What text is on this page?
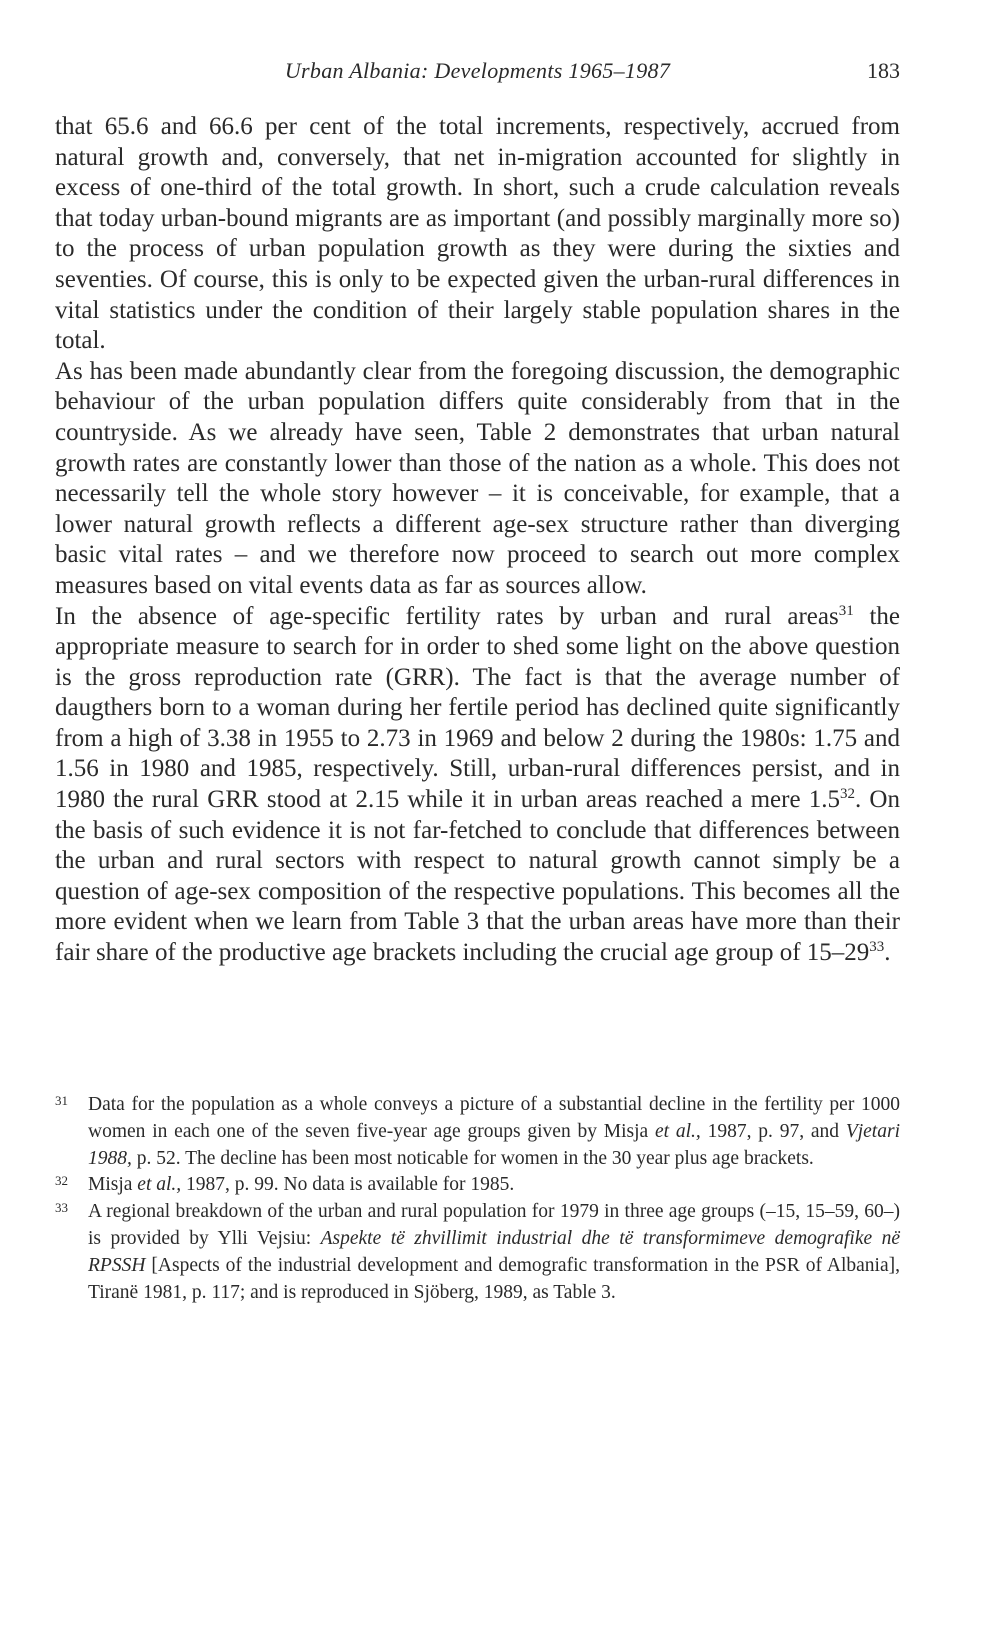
Urban Albania: Developments 1965–1987	183

that 65.6 and 66.6 per cent of the total increments, respectively, accrued from natural growth and, conversely, that net in-migration accounted for slightly in excess of one-third of the total growth. In short, such a crude calculation reveals that today urban-bound migrants are as important (and possibly marginally more so) to the process of urban population growth as they were during the sixties and seventies. Of course, this is only to be expected given the urban-rural differences in vital statistics under the condition of their largely stable population shares in the total.

As has been made abundantly clear from the foregoing discussion, the demographic behaviour of the urban population differs quite considerably from that in the countryside. As we already have seen, Table 2 demonstrates that urban natural growth rates are constantly lower than those of the nation as a whole. This does not necessarily tell the whole story however – it is conceivable, for example, that a lower natural growth reflects a different age-sex structure rather than diverging basic vital rates – and we therefore now proceed to search out more complex measures based on vital events data as far as sources allow.

In the absence of age-specific fertility rates by urban and rural areas$^{31}$ the appropriate measure to search for in order to shed some light on the above question is the gross reproduction rate (GRR). The fact is that the average number of daugthers born to a woman during her fertile period has declined quite significantly from a high of 3.38 in 1955 to 2.73 in 1969 and below 2 during the 1980s: 1.75 and 1.56 in 1980 and 1985, respectively. Still, urban-rural differences persist, and in 1980 the rural GRR stood at 2.15 while it in urban areas reached a mere $1.5^{32}$. On the basis of such evidence it is not far-fetched to conclude that differences between the urban and rural sectors with respect to natural growth cannot simply be a question of age-sex composition of the respective populations. This becomes all the more evident when we learn from Table 3 that the urban areas have more than their fair share of the productive age brackets including the crucial age group of $15-29^{33}$.

31 Data for the population as a whole conveys a picture of a substantial decline in the fertility per 1000 women in each one of the seven five-year age groups given by Misja et al., 1987, p. 97, and Vjetari 1988, p. 52. The decline has been most noticable for women in the 30 year plus age brackets.

32 Misja et al., 1987, p. 99. No data is available for 1985.

33 A regional breakdown of the urban and rural population for 1979 in three age groups (–15, 15–59, 60–) is provided by Ylli Vejsiu: Aspekte të zhvillimit industrial dhe të transformimeve demografike në RPSSH [Aspects of the industrial development and demografic transformation in the PSR of Albania], Tiranë 1981, p. 117; and is reproduced in Sjöberg, 1989, as Table 3.
